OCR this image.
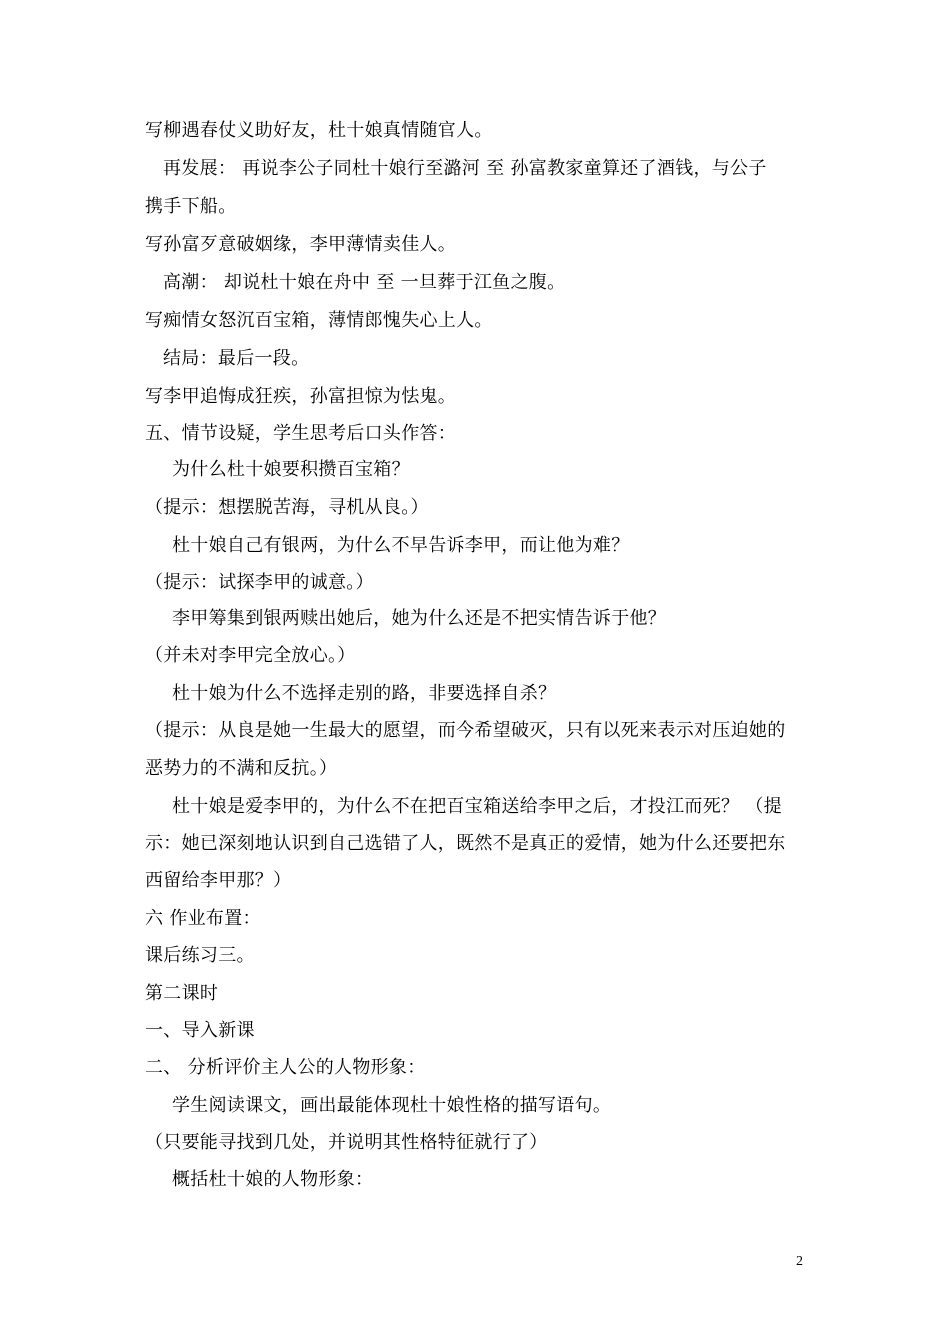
写柳遇春仗义助好友，杜十娘真情随官人。
再发展： 再说李公子同杜十娘行至潞河 至 孙富教家童算还了酒钱，与公子
携手下船。
写孙富歹意破姻缘，李甲薄情卖佳人。
高潮： 却说杜十娘在舟中 至 一旦葬于江鱼之腹。
写痴情女怒沉百宝箱，薄情郎愧失心上人。
结局：最后一段。
写李甲追悔成狂疾，孙富担惊为怯鬼。
五、情节设疑，学生思考后口头作答：
为什么杜十娘要积攒百宝箱？
（提示：想摆脱苦海，寻机从良。）
杜十娘自己有银两，为什么不早告诉李甲，而让他为难？
（提示：试探李甲的诚意。）
李甲筹集到银两赎出她后，她为什么还是不把实情告诉于他？
（并未对李甲完全放心。）
杜十娘为什么不选择走别的路，非要选择自杀？
（提示：从良是她一生最大的愿望，而今希望破灭，只有以死来表示对压迫她的
恶势力的不满和反抗。）
杜十娘是爱李甲的，为什么不在把百宝箱送给李甲之后，才投江而死？ （提
示：她已深刻地认识到自己选错了人，既然不是真正的爱情，她为什么还要把东
西留给李甲那？）
六 作业布置：
课后练习三。
第二课时
一、导入新课
二、 分析评价主人公的人物形象：
学生阅读课文，画出最能体现杜十娘性格的描写语句。
（只要能寻找到几处，并说明其性格特征就行了）
概括杜十娘的人物形象：
2
